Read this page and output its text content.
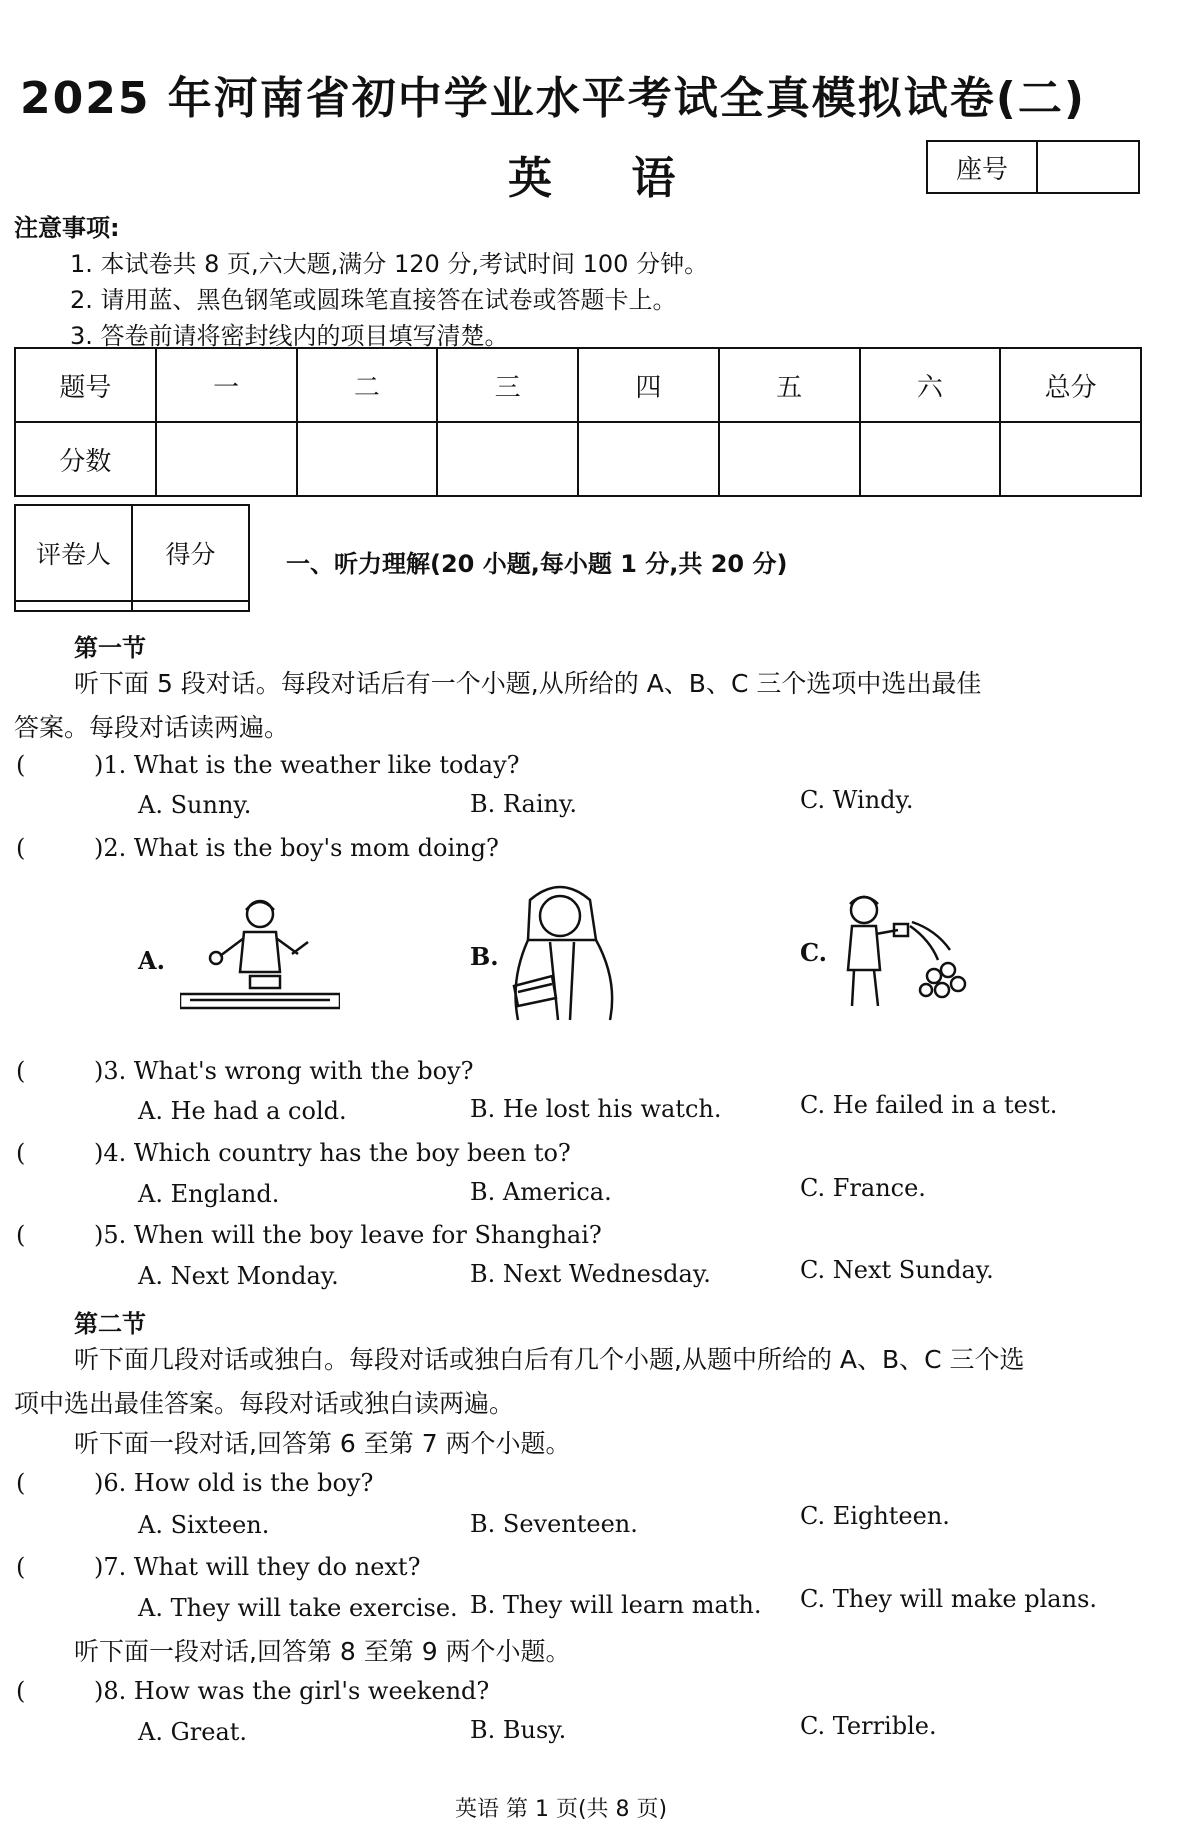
2025 年河南省初中学业水平考试全真模拟试卷(二)
英 语	座号
注意事项:
1. 本试卷共 8 页,六大题,满分 120 分,考试时间 100 分钟。
2. 请用蓝、黑色钢笔或圆珠笔直接答在试卷或答题卡上。
3. 答卷前请将密封线内的项目填写清楚。
题号	一	二	三	四	五	六	总分
分数							
评卷人	得分
		一、听力理解(20 小题,每小题 1 分,共 20 分)
第一节
听下面 5 段对话。每段对话后有一个小题,从所给的 A、B、C 三个选项中选出最佳
答案。每段对话读两遍。
(	)1. What is the weather like today?
A. Sunny.	B. Rainy.	C. Windy.
(	)2. What is the boy's mom doing?
A.	B.	C.
(	)3. What's wrong with the boy?
A. He had a cold.	B. He lost his watch.	C. He failed in a test.
(	)4. Which country has the boy been to?
A. England.	B. America.	C. France.
(	)5. When will the boy leave for Shanghai?
A. Next Monday.	B. Next Wednesday.	C. Next Sunday.
第二节
听下面几段对话或独白。每段对话或独白后有几个小题,从题中所给的 A、B、C 三个选
项中选出最佳答案。每段对话或独白读两遍。
听下面一段对话,回答第 6 至第 7 两个小题。
(	)6. How old is the boy?
A. Sixteen.	B. Seventeen.	C. Eighteen.
(	)7. What will they do next?
A. They will take exercise. B. They will learn math. C. They will make plans.
听下面一段对话,回答第 8 至第 9 两个小题。
(	)8. How was the girl's weekend?
A. Great.	B. Busy.	C. Terrible.
英语 第 1 页(共 8 页)
